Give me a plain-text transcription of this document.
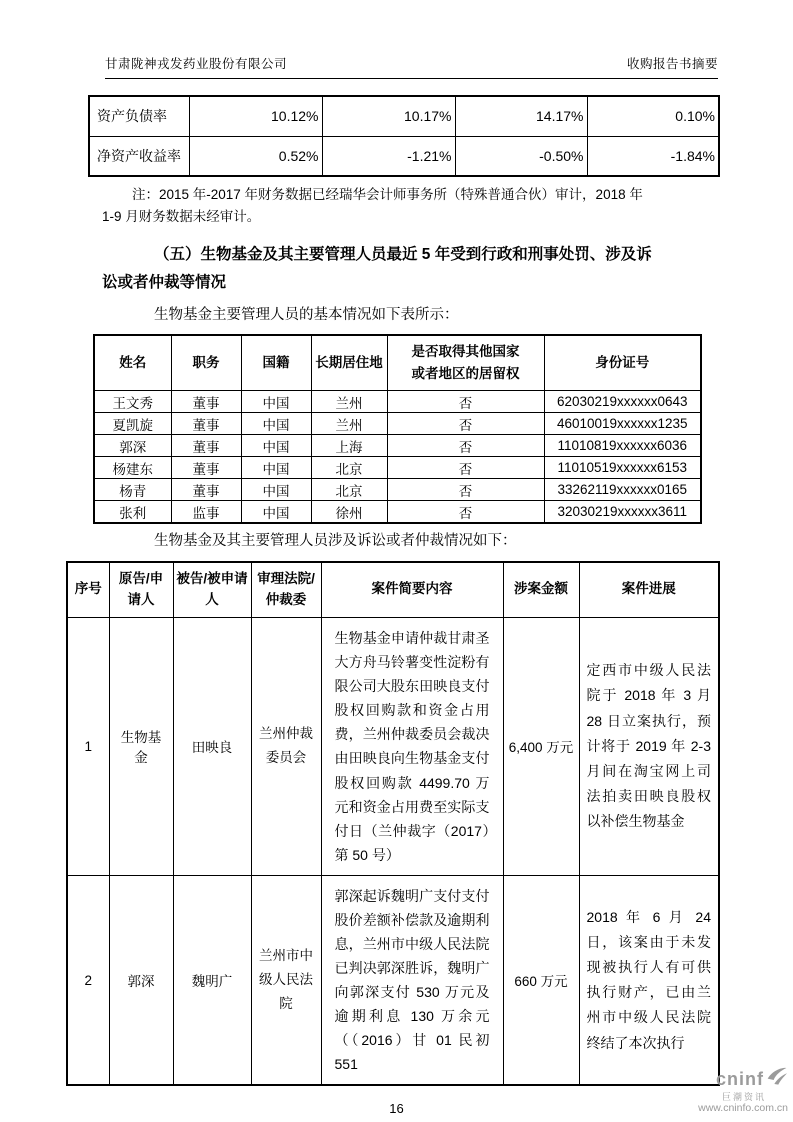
甘肃陇神戎发药业股份有限公司	收购报告书摘要
资产负债率	10.12%	10.17%	14.17%	0.10%
净资产收益率	0.52%	-1.21%	-0.50%	-1.84%

注：2015 年-2017 年财务数据已经瑞华会计师事务所（特殊普通合伙）审计，2018 年
1-9 月财务数据未经审计。

（五）生物基金及其主要管理人员最近 5 年受到行政和刑事处罚、涉及诉
讼或者仲裁等情况

生物基金主要管理人员的基本情况如下表所示：

姓名	职务	国籍	长期居住地	是否取得其他国家或者地区的居留权	身份证号
王文秀	董事	中国	兰州	否	62030219xxxxxx0643
夏凯旋	董事	中国	兰州	否	46010019xxxxxx1235
郭深	董事	中国	上海	否	11010819xxxxxx6036
杨建东	董事	中国	北京	否	11010519xxxxxx6153
杨青	董事	中国	北京	否	33262119xxxxxx0165
张利	监事	中国	徐州	否	32030219xxxxxx3611

生物基金及其主要管理人员涉及诉讼或者仲裁情况如下：

序号	原告/申请人	被告/被申请人	审理法院/仲裁委	案件简要内容	涉案金额	案件进展
1	生物基金	田映良	兰州仲裁委员会	生物基金申请仲裁甘肃圣大方舟马铃薯变性淀粉有限公司大股东田映良支付股权回购款和资金占用费，兰州仲裁委员会裁决由田映良向生物基金支付股权回购款 4499.70 万元和资金占用费至实际支付日（兰仲裁字（2017）第 50 号）	6,400 万元	定西市中级人民法院于 2018 年 3 月 28 日立案执行，预计将于 2019 年 2-3 月间在淘宝网上司法拍卖田映良股权以补偿生物基金
2	郭深	魏明广	兰州市中级人民法院	郭深起诉魏明广支付支付股价差额补偿款及逾期利息，兰州市中级人民法院已判决郭深胜诉，魏明广向郭深支付 530 万元及逾期利息 130 万余元（（2016）甘 01 民初 551	660 万元	2018 年 6 月 24 日，该案由于未发现被执行人有可供执行财产，已由兰州市中级人民法院终结了本次执行
16
cninf
巨潮资讯
www.cninfo.com.cn
